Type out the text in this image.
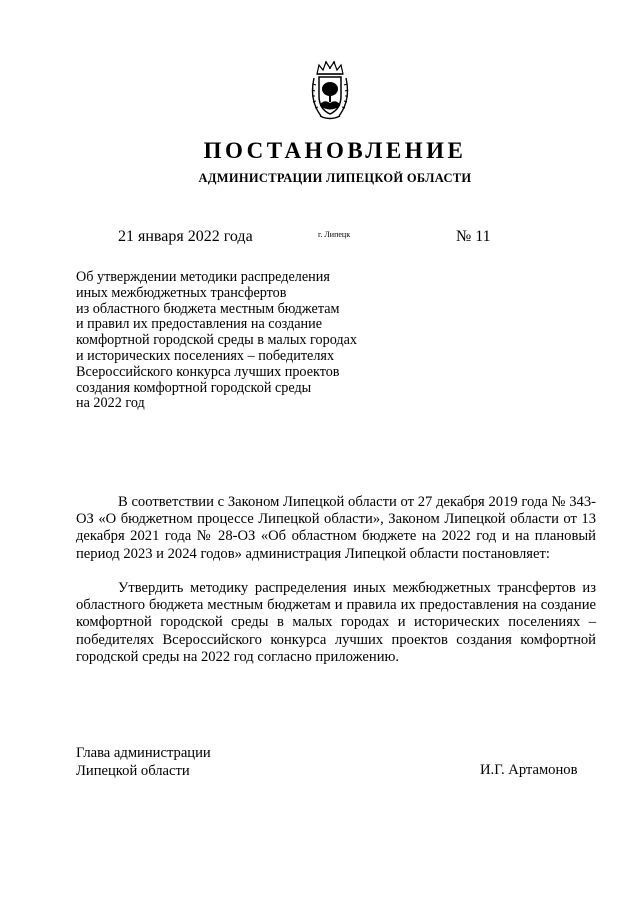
ПОСТАНОВЛЕНИЕ
АДМИНИСТРАЦИИ ЛИПЕЦКОЙ ОБЛАСТИ
21 января 2022 года	г. Липецк	№ 11
Об утверждении методики распределения
иных межбюджетных трансфертов
из областного бюджета местным бюджетам
и правил их предоставления на создание
комфортной городской среды в малых городах
и исторических поселениях – победителях
Всероссийского конкурса лучших проектов
создания комфортной городской среды
на 2022 год

В соответствии с Законом Липецкой области от 27 декабря 2019 года № 343-ОЗ «О бюджетном процессе Липецкой области», Законом Липецкой области от 13 декабря 2021 года № 28-ОЗ «Об областном бюджете на 2022 год и на плановый период 2023 и 2024 годов» администрация Липецкой области постановляет:

Утвердить методику распределения иных межбюджетных трансфертов из областного бюджета местным бюджетам и правила их предоставления на создание комфортной городской среды в малых городах и исторических поселениях – победителях Всероссийского конкурса лучших проектов создания комфортной городской среды на 2022 год согласно приложению.

Глава администрации
Липецкой области	И.Г. Артамонов
